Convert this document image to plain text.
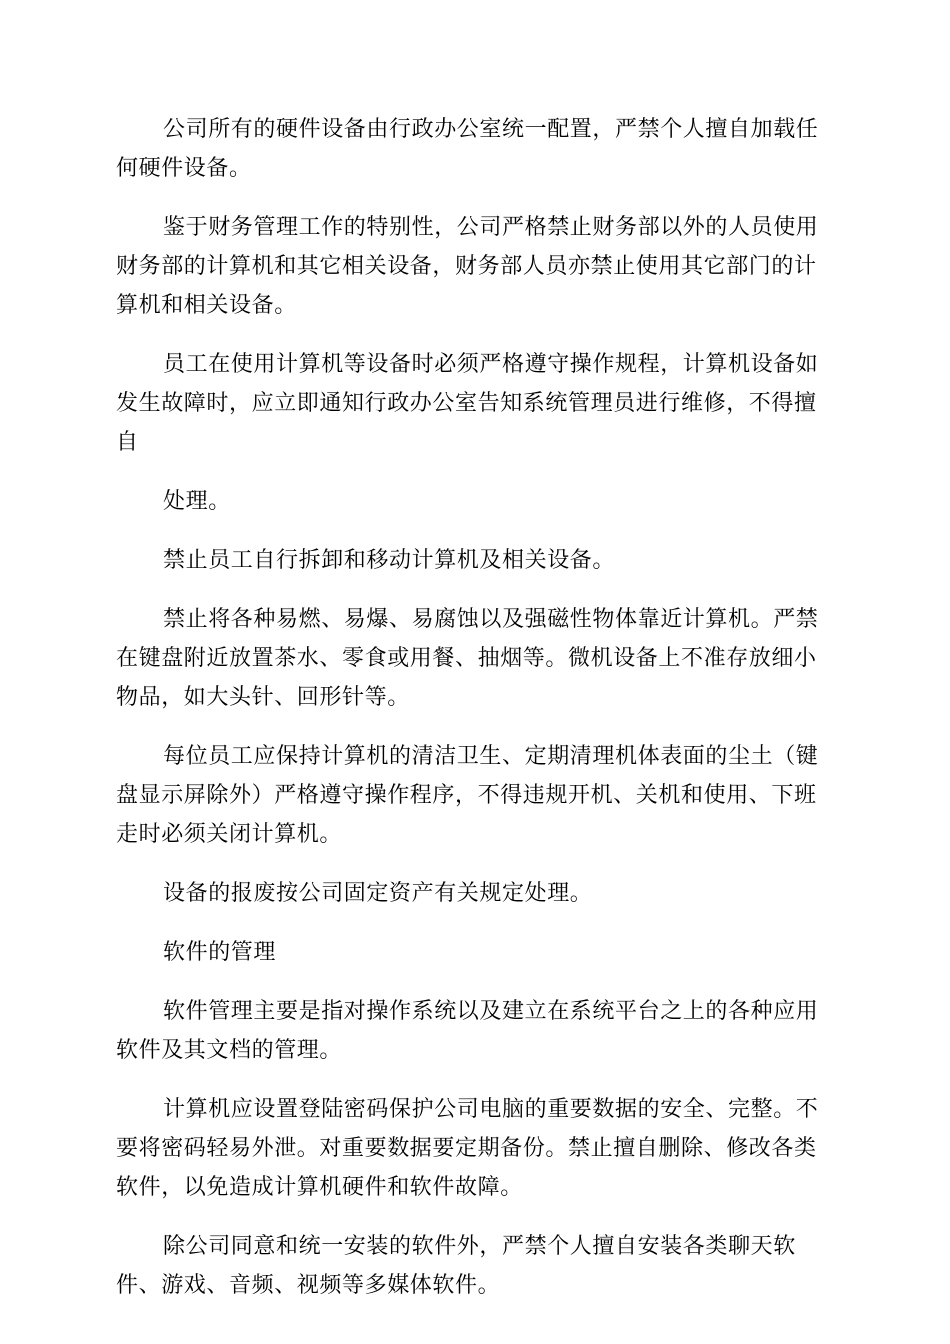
公司所有的硬件设备由行政办公室统一配置，严禁个人擅自加载任何硬件设备。

鉴于财务管理工作的特别性，公司严格禁止财务部以外的人员使用财务部的计算机和其它相关设备，财务部人员亦禁止使用其它部门的计算机和相关设备。

员工在使用计算机等设备时必须严格遵守操作规程，计算机设备如发生故障时，应立即通知行政办公室告知系统管理员进行维修，不得擅自

处理。

禁止员工自行拆卸和移动计算机及相关设备。

禁止将各种易燃、易爆、易腐蚀以及强磁性物体靠近计算机。严禁在键盘附近放置茶水、零食或用餐、抽烟等。微机设备上不准存放细小物品，如大头针、回形针等。

每位员工应保持计算机的清洁卫生、定期清理机体表面的尘土（键盘显示屏除外）严格遵守操作程序，不得违规开机、关机和使用、下班走时必须关闭计算机。

设备的报废按公司固定资产有关规定处理。

软件的管理

软件管理主要是指对操作系统以及建立在系统平台之上的各种应用软件及其文档的管理。

计算机应设置登陆密码保护公司电脑的重要数据的安全、完整。不要将密码轻易外泄。对重要数据要定期备份。禁止擅自删除、修改各类软件，以免造成计算机硬件和软件故障。

除公司同意和统一安装的软件外，严禁个人擅自安装各类聊天软件、游戏、音频、视频等多媒体软件。
